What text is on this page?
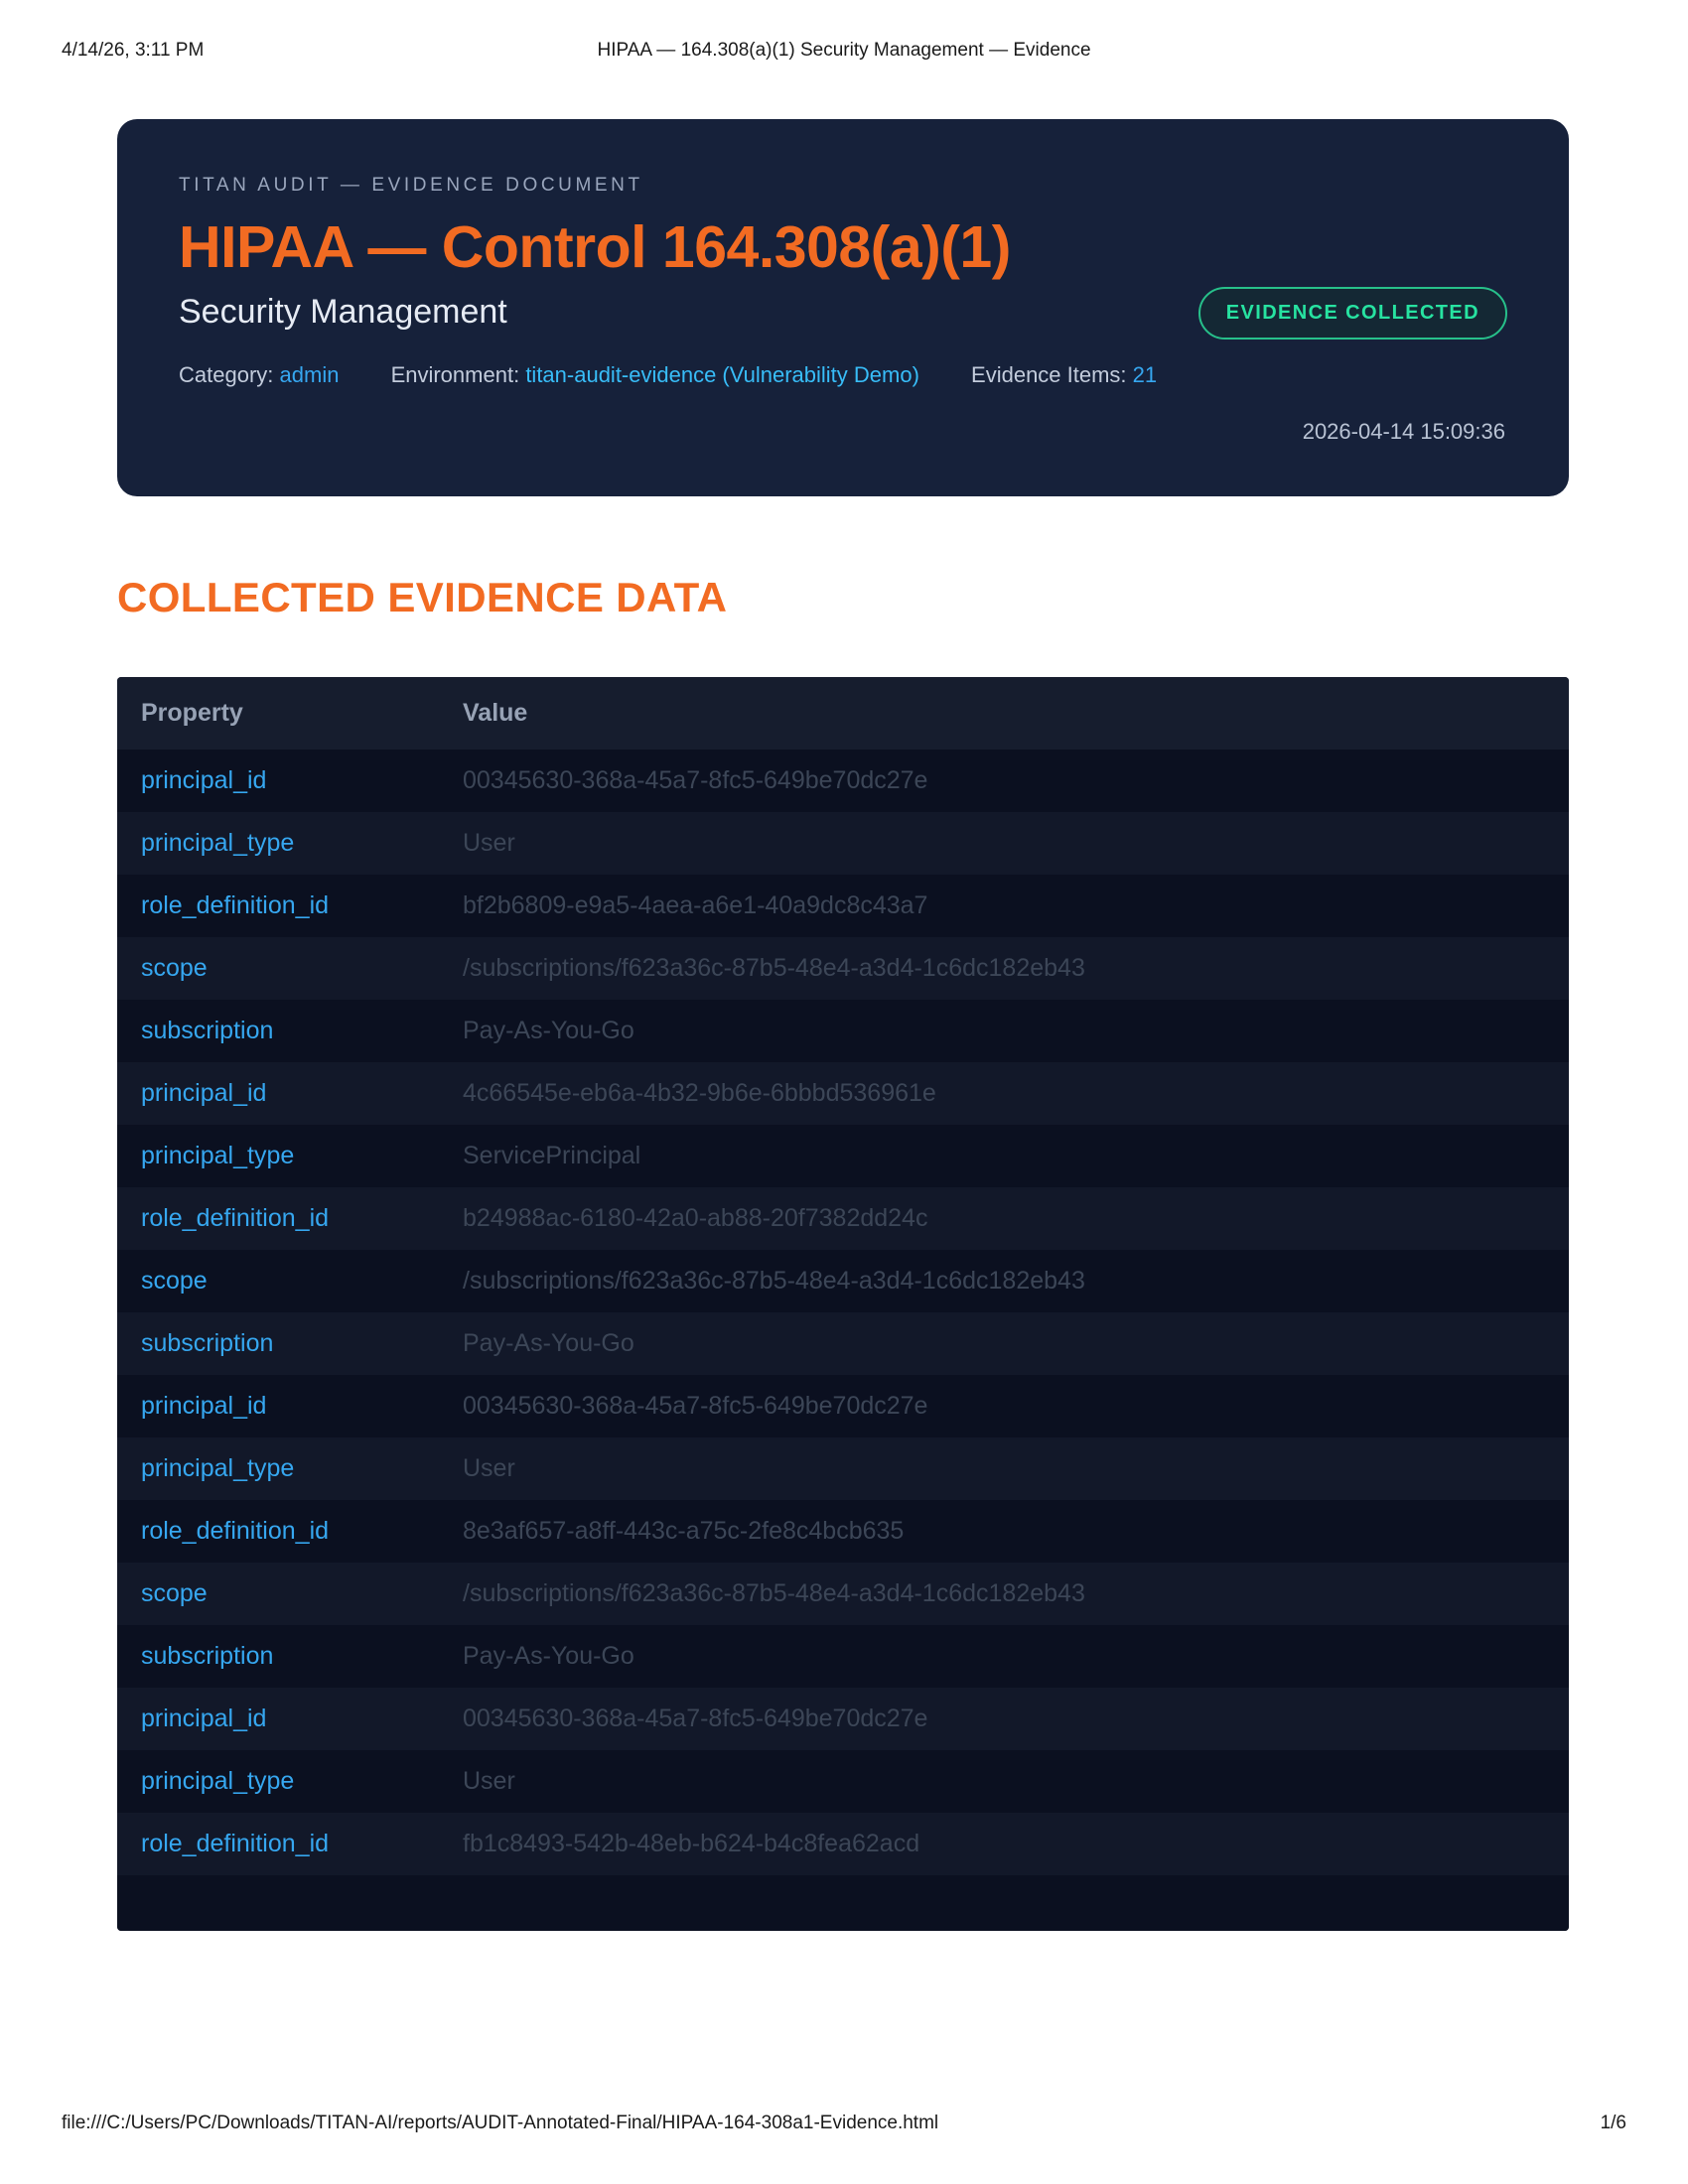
4/14/26, 3:11 PM	HIPAA — 164.308(a)(1) Security Management — Evidence
TITAN AUDIT — EVIDENCE DOCUMENT
HIPAA — Control 164.308(a)(1)
Security Management
Category: admin Environment: titan-audit-evidence (Vulnerability Demo) Evidence Items: 21
EVIDENCE COLLECTED
2026-04-14 15:09:36
COLLECTED EVIDENCE DATA
Property	Value
principal_id	00345630-368a-45a7-8fc5-649be70dc27e
principal_type	User
role_definition_id	bf2b6809-e9a5-4aea-a6e1-40a9dc8c43a7
scope	/subscriptions/f623a36c-87b5-48e4-a3d4-1c6dc182eb43
subscription	Pay-As-You-Go
principal_id	4c66545e-eb6a-4b32-9b6e-6bbbd536961e
principal_type	ServicePrincipal
role_definition_id	b24988ac-6180-42a0-ab88-20f7382dd24c
scope	/subscriptions/f623a36c-87b5-48e4-a3d4-1c6dc182eb43
subscription	Pay-As-You-Go
principal_id	00345630-368a-45a7-8fc5-649be70dc27e
principal_type	User
role_definition_id	8e3af657-a8ff-443c-a75c-2fe8c4bcb635
scope	/subscriptions/f623a36c-87b5-48e4-a3d4-1c6dc182eb43
subscription	Pay-As-You-Go
principal_id	00345630-368a-45a7-8fc5-649be70dc27e
principal_type	User
role_definition_id	fb1c8493-542b-48eb-b624-b4c8fea62acd

file:///C:/Users/PC/Downloads/TITAN-AI/reports/AUDIT-Annotated-Final/HIPAA-164-308a1-Evidence.html	1/6
